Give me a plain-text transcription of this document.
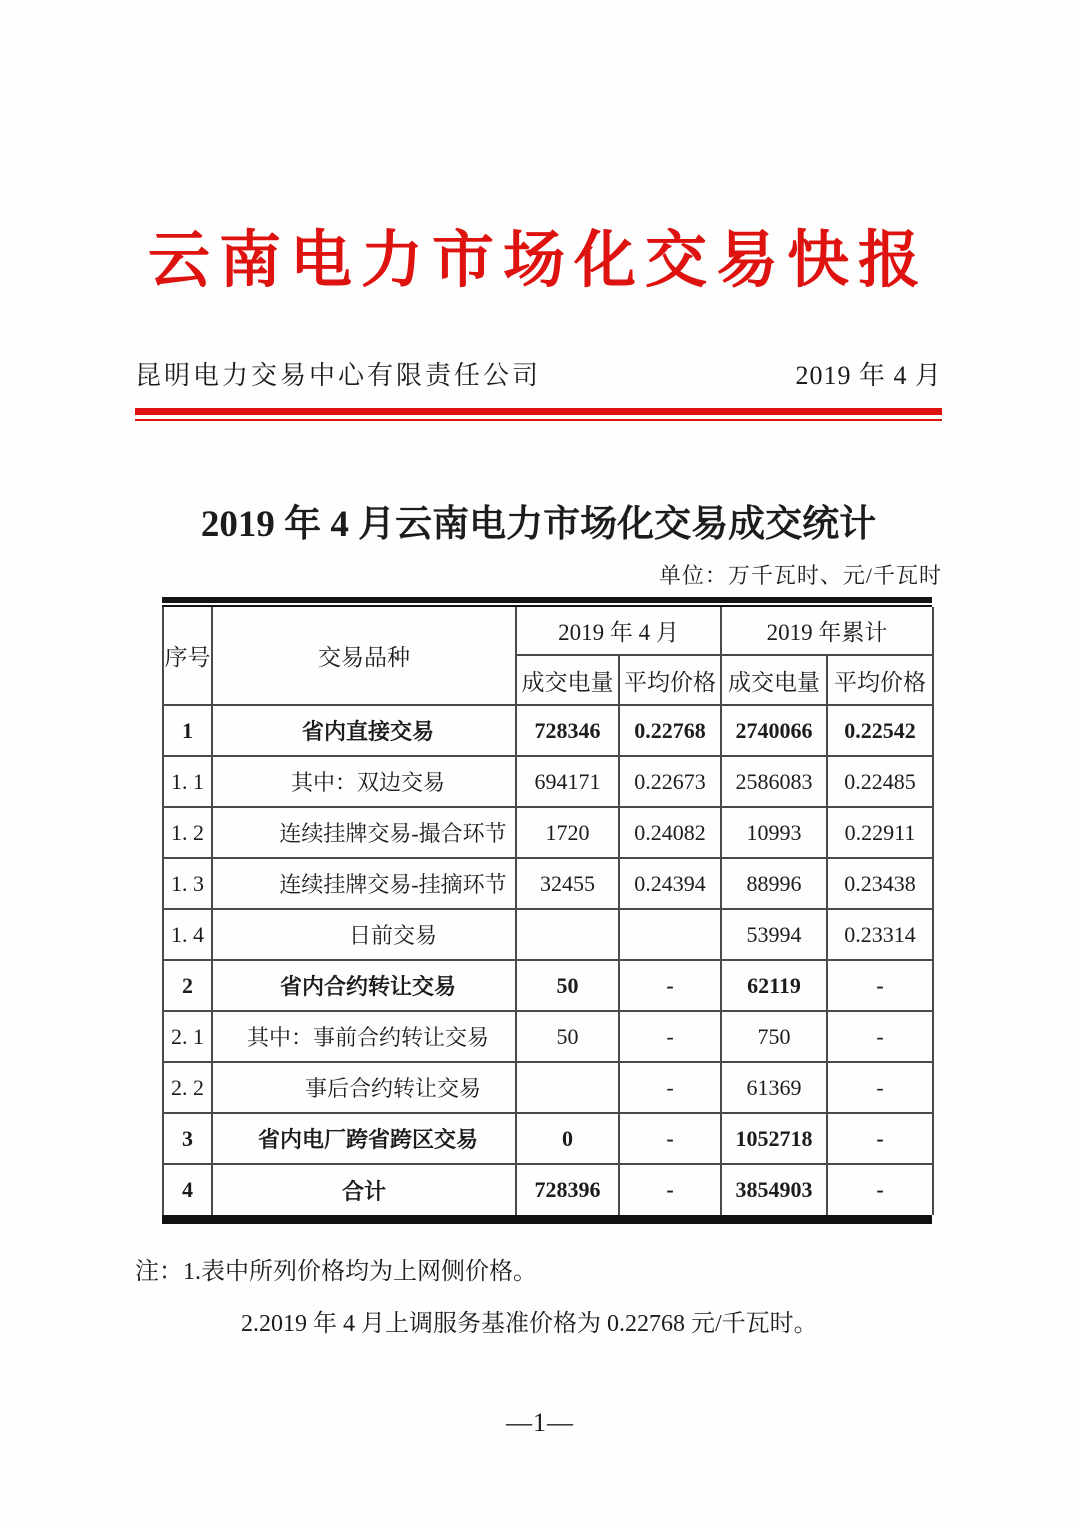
云南电力市场化交易快报
昆明电力交易中心有限责任公司	2019 年 4 月
2019 年 4 月云南电力市场化交易成交统计
单位：万千瓦时、元/千瓦时
序号	交易品种	2019 年 4 月		2019 年累计	
		成交电量	平均价格	成交电量	平均价格
1	省内直接交易	728346	0.22768	2740066	0.22542
1. 1	其中：双边交易	694171	0.22673	2586083	0.22485
1. 2	连续挂牌交易-撮合环节	1720	0.24082	10993	0.22911
1. 3	连续挂牌交易-挂摘环节	32455	0.24394	88996	0.23438
1. 4	日前交易			53994	0.23314
2	省内合约转让交易	50	-	62119	-
2. 1	其中：事前合约转让交易	50	-	750	-
2. 2	事后合约转让交易		-	61369	-
3	省内电厂跨省跨区交易	0	-	1052718	-
4	合计	728396	-	3854903	-
注： 1.表中所列价格均为上网侧价格。
2.2019 年 4 月上调服务基准价格为 0.22768 元/千瓦时。
—1—
